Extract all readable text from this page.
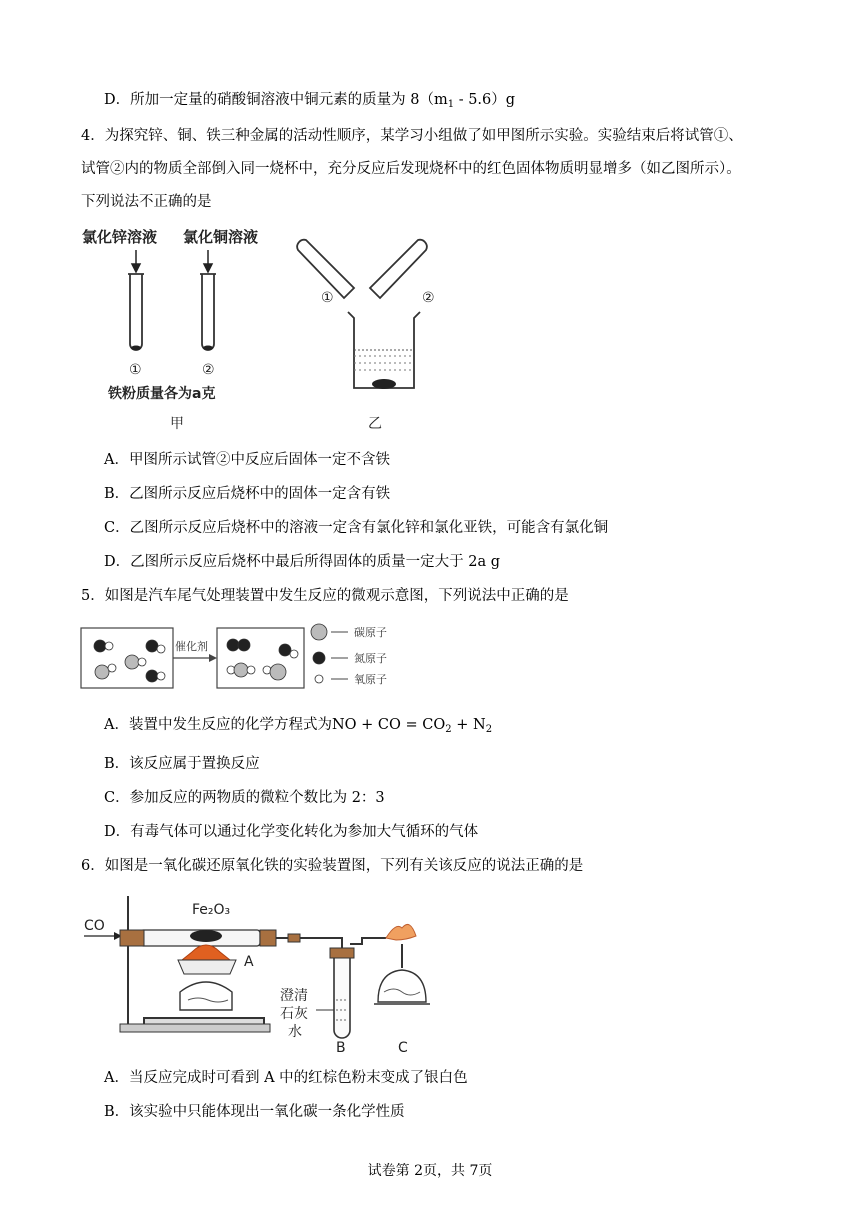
D．所加一定量的硝酸铜溶液中铜元素的质量为 $8(m_1 - 5.6)g$
4．为探究锌、铜、铁三种金属的活动性顺序，某学习小组做了如甲图所示实验。实验结束后将试管①、
试管②内的物质全部倒入同一烧杯中，充分反应后发现烧杯中的红色固体物质明显增多（如乙图所示）。
下列说法不正确的是
氯化锌溶液 氯化铜溶液
①	②
铁粉质量各为a克
甲	乙
①	②
A．甲图所示试管②中反应后固体一定不含铁
B．乙图所示反应后烧杯中的固体一定含有铁
C．乙图所示反应后烧杯中的溶液一定含有氯化锌和氯化亚铁，可能含有氯化铜
D．乙图所示反应后烧杯中最后所得固体的质量一定大于 2a g
5．如图是汽车尾气处理装置中发生反应的微观示意图，下列说法中正确的是
催化剂
碳原子
氮原子
氧原子
A．装置中发生反应的化学方程式为NO + CO = $CO_2 + N_2$
B．该反应属于置换反应
C．参加反应的两物质的微粒个数比为 2：3
D．有毒气体可以通过化学变化转化为参加大气循环的气体
6．如图是一氧化碳还原氧化铁的实验装置图，下列有关该反应的说法正确的是
CO
Fe₂O₃
A
B	C
澄清
石灰
水
A．当反应完成时可看到 A 中的红棕色粉末变成了银白色
B．该实验中只能体现出一氧化碳一条化学性质
试卷第 2页，共 7页
